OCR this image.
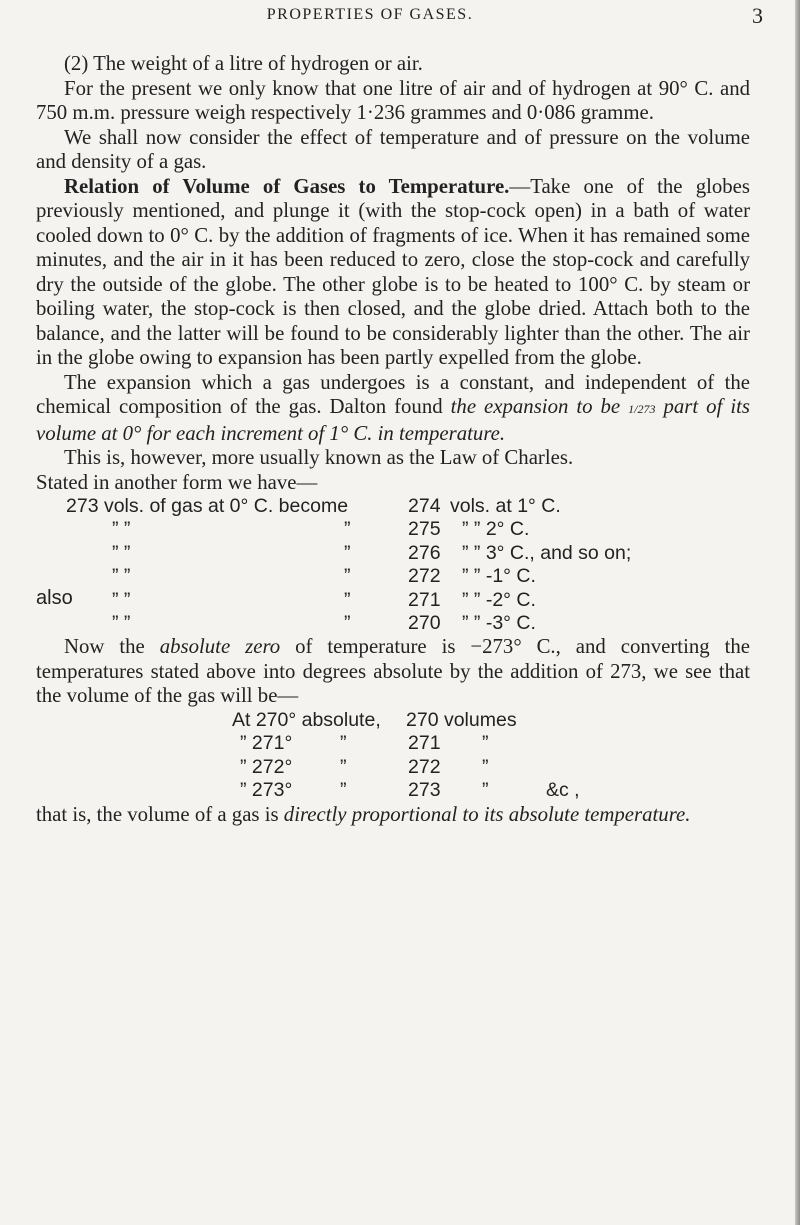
PROPERTIES OF GASES.	3

(2) The weight of a litre of hydrogen or air.

For the present we only know that one litre of air and of hydrogen at 90° C. and 750 m.m. pressure weigh respectively 1·236 grammes and 0·086 gramme.

We shall now consider the effect of temperature and of pressure on the volume and density of a gas.

Relation of Volume of Gases to Temperature.—Take one of the globes previously mentioned, and plunge it (with the stop-cock open) in a bath of water cooled down to 0° C. by the addition of fragments of ice. When it has remained some minutes, and the air in it has been reduced to zero, close the stop-cock and carefully dry the outside of the globe. The other globe is to be heated to 100° C. by steam or boiling water, the stop-cock is then closed, and the globe dried. Attach both to the balance, and the latter will be found to be considerably lighter than the other. The air in the globe owing to expansion has been partly expelled from the globe.

The expansion which a gas undergoes is a constant, and independent of the chemical composition of the gas. Dalton found the expansion to be 1/273 part of its volume at 0° for each increment of 1° C. in temperature.

This is, however, more usually known as the Law of Charles.

Stated in another form we have—

also
273 vols. of gas at 0° C. become	274 vols. at 1° C.
” ”	”	275 ” ” 2° C.
” ”	”	276 ” ” 3° C., and so on;
” ”	”	272 ” ” -1° C.
” ”	”	271 ” ” -2° C.
” ”	”	270 ” ” -3° C.

Now the absolute zero of temperature is −273° C., and converting the temperatures stated above into degrees absolute by the addition of 273, we see that the volume of the gas will be—

At 270° absolute, 270 volumes
” 271° ”	271 ”
” 272° ”	272 ”
” 273° ”	273 ”	&c ,

that is, the volume of a gas is directly proportional to its absolute temperature.
